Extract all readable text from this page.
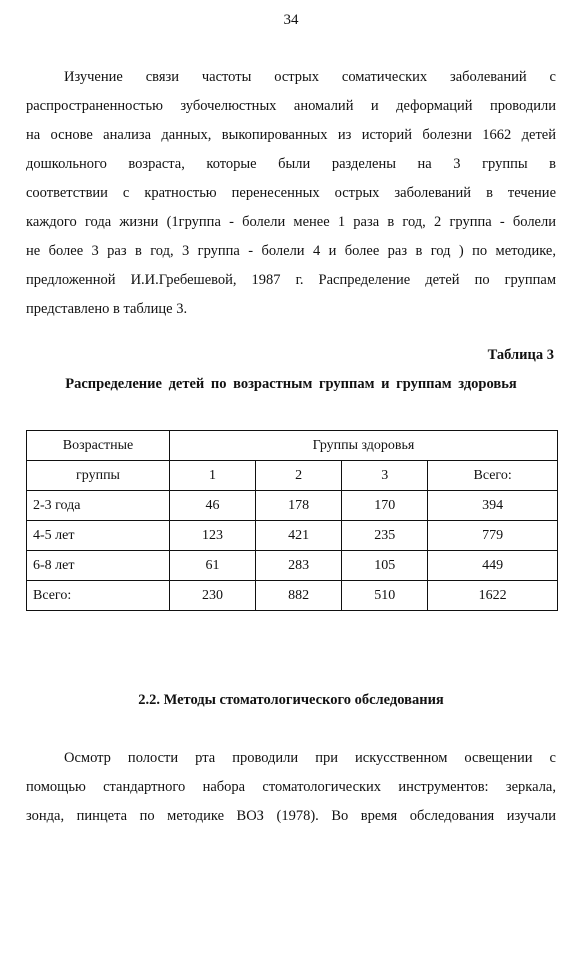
34

Изучение связи частоты острых соматических заболеваний с
распространенностью зубочелюстных аномалий и деформаций проводили
на основе анализа данных, выкопированных из историй болезни 1662 детей
дошкольного возраста, которые были разделены на 3 группы в
соответствии с кратностью перенесенных острых заболеваний в течение
каждого года жизни (1группа - болели менее 1 раза в год, 2 группа - болели
не более 3 раз в год, 3 группа - болели 4 и более раз в год ) по методике,
предложенной И.И.Гребешевой, 1987 г. Распределение детей по группам
представлено в таблице 3.

Таблица 3
Распределение детей по возрастным группам и группам здоровья
Возрастные	Группы здоровья			
группы	1	2	3	Всего:
2-3 года	46	178	170	394
4-5 лет	123	421	235	779
6-8 лет	61	283	105	449
Всего:	230	882	510	1622
2.2. Методы стоматологического обследования

Осмотр полости рта проводили при искусственном освещении с
помощью стандартного набора стоматологических инструментов: зеркала,
зонда, пинцета по методике ВОЗ (1978). Во время обследования изучали
